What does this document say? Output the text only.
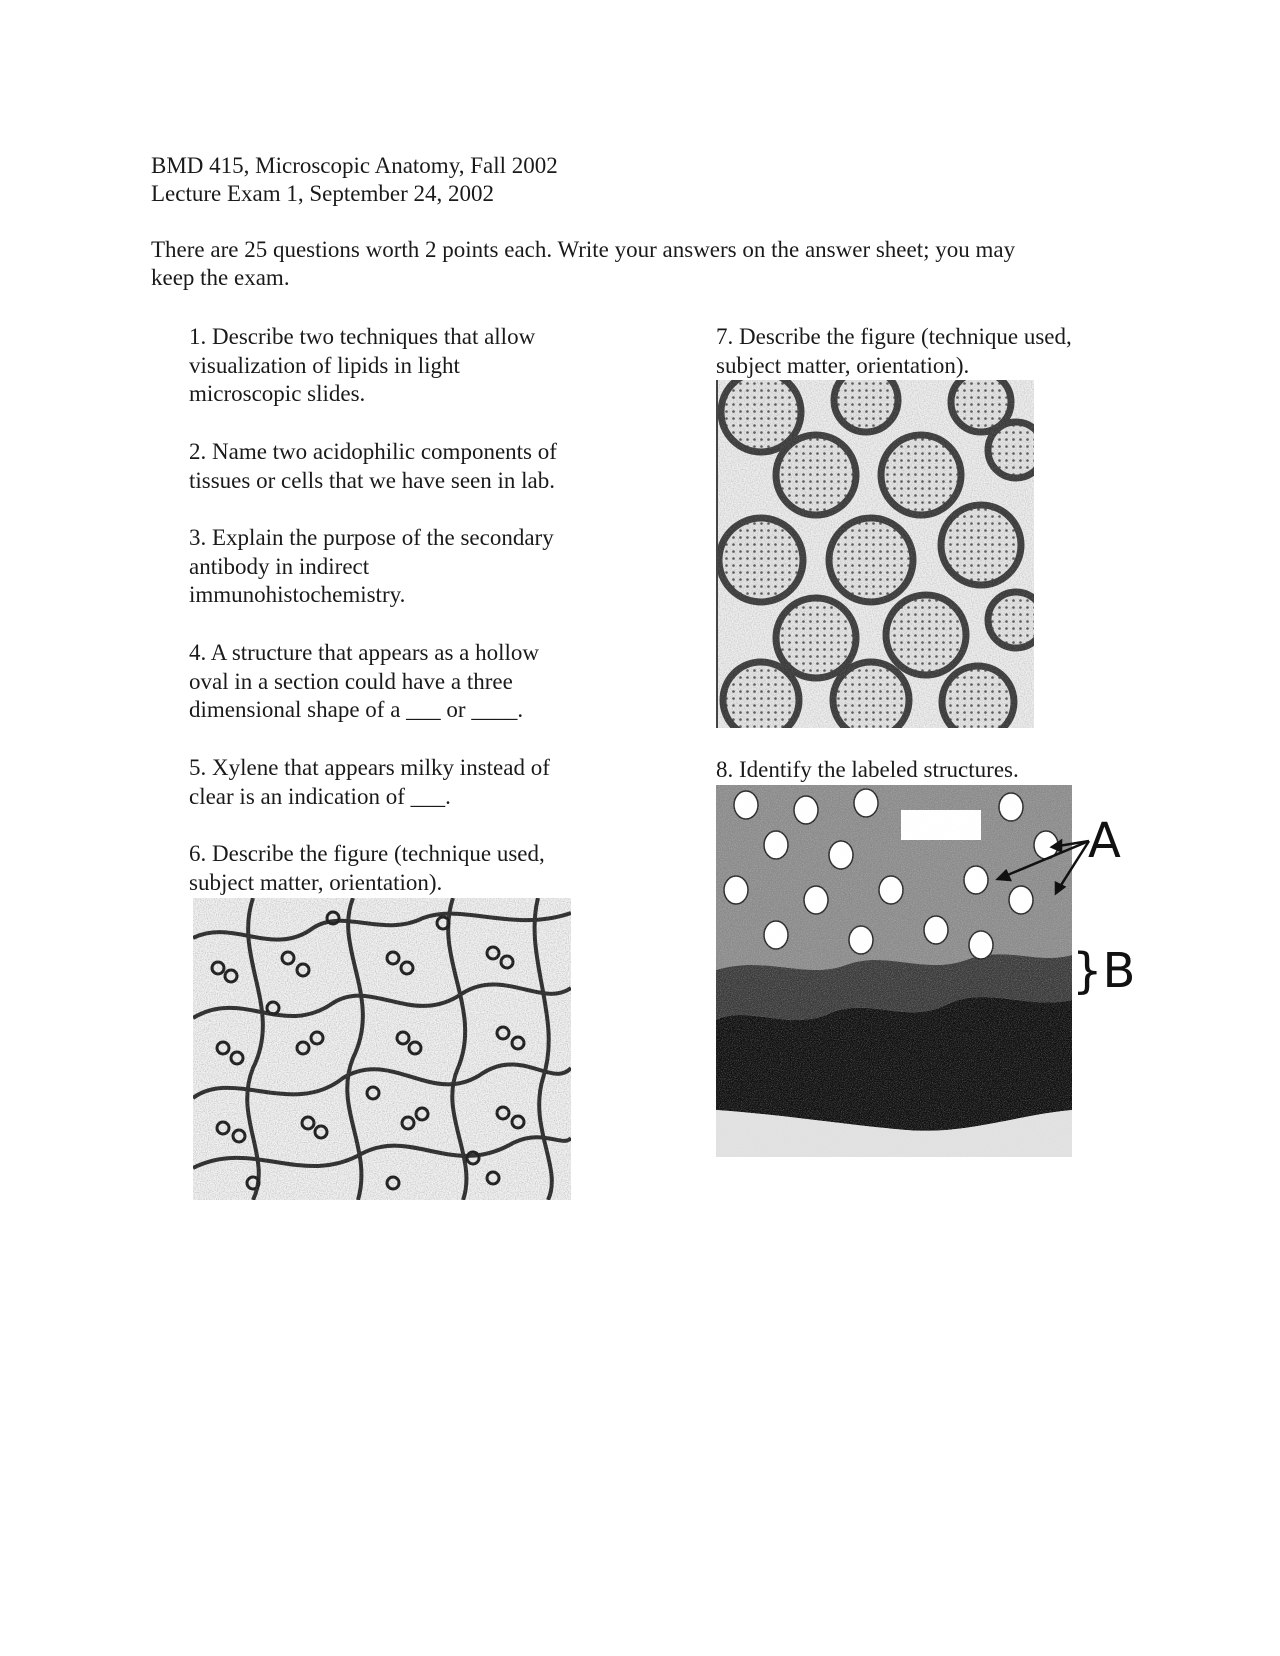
BMD 415, Microscopic Anatomy, Fall 2002
Lecture Exam 1, September 24, 2002
There are 25 questions worth 2 points each. Write your answers on the answer sheet; you may
keep the exam.
1. Describe two techniques that allow
visualization of lipids in light
microscopic slides.
2. Name two acidophilic components of
tissues or cells that we have seen in lab.
3. Explain the purpose of the secondary
antibody in indirect
immunohistochemistry.
4. A structure that appears as a hollow
oval in a section could have a three
dimensional shape of a ___ or ____.
5. Xylene that appears milky instead of
clear is an indication of ___.
6. Describe the figure (technique used,
subject matter, orientation).
7. Describe the figure (technique used,
subject matter, orientation).
8. Identify the labeled structures.
A
}B
